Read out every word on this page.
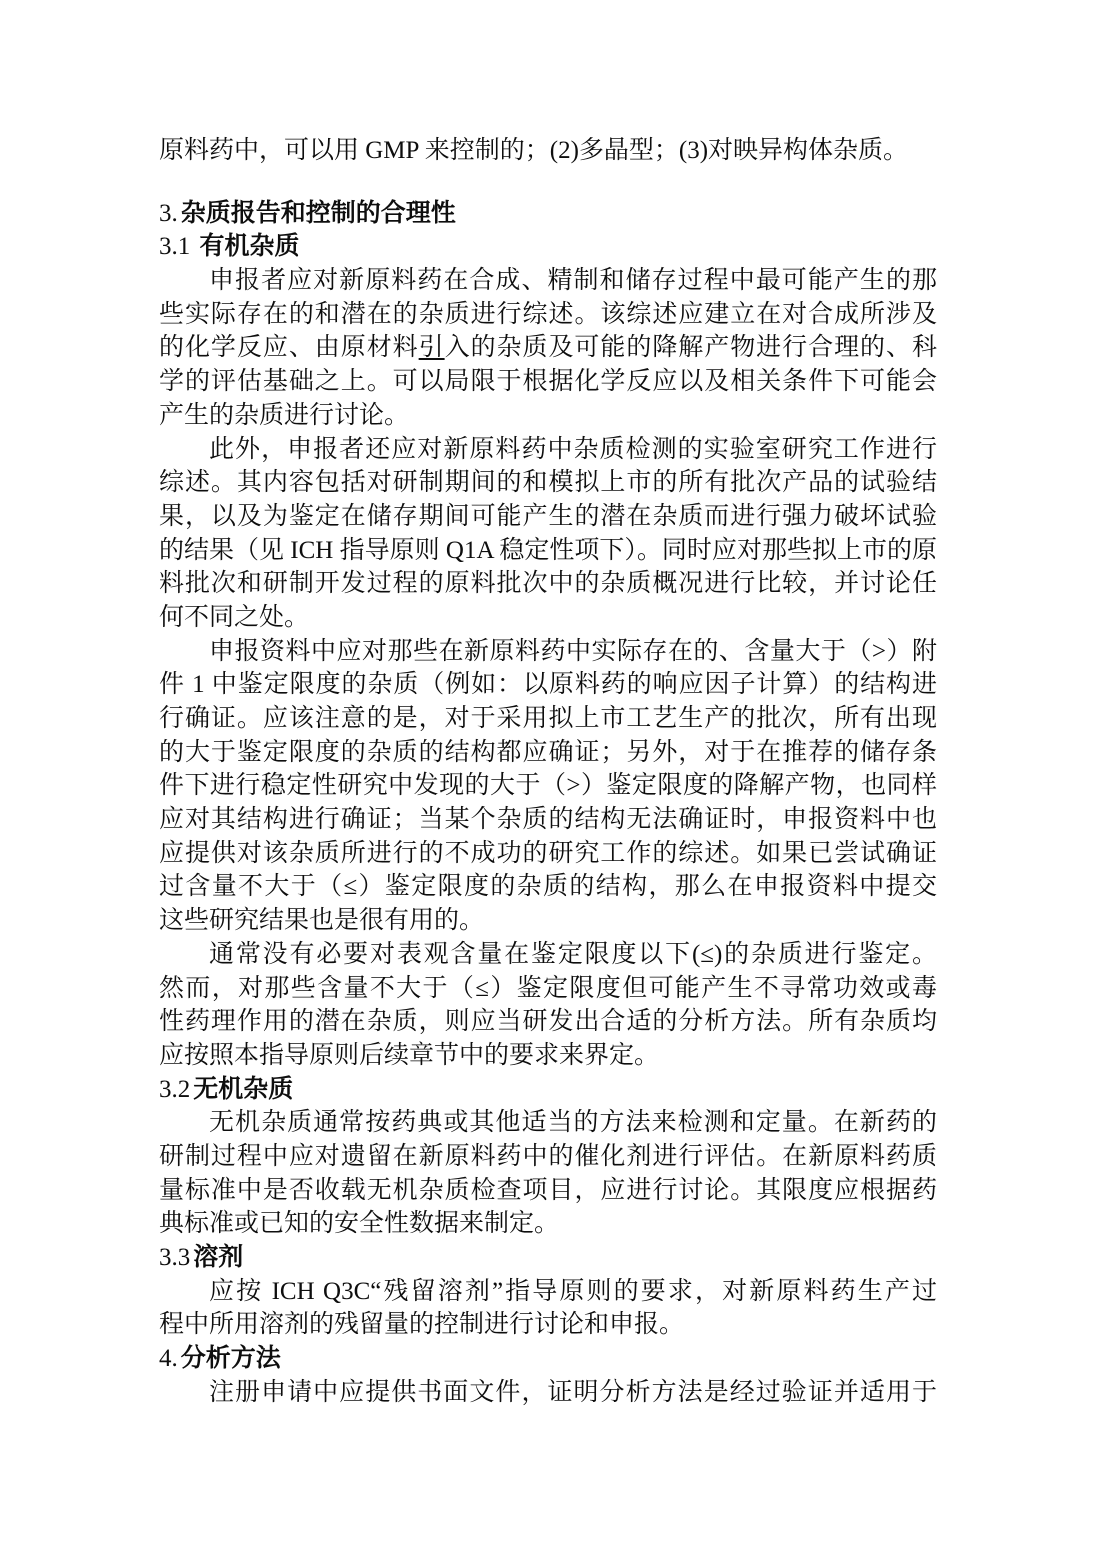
原料药中，可以用 GMP 来控制的；(2)多晶型；(3)对映异构体杂质。
3. 杂质报告和控制的合理性
3.1 有机杂质
申报者应对新原料药在合成、精制和储存过程中最可能产生的那
些实际存在的和潜在的杂质进行综述。该综述应建立在对合成所涉及
的化学反应、由原材料引入的杂质及可能的降解产物进行合理的、科
学的评估基础之上。可以局限于根据化学反应以及相关条件下可能会
产生的杂质进行讨论。
此外，申报者还应对新原料药中杂质检测的实验室研究工作进行
综述。其内容包括对研制期间的和模拟上市的所有批次产品的试验结
果，以及为鉴定在储存期间可能产生的潜在杂质而进行强力破坏试验
的结果（见 ICH 指导原则 Q1A 稳定性项下）。同时应对那些拟上市的原
料批次和研制开发过程的原料批次中的杂质概况进行比较，并讨论任
何不同之处。
申报资料中应对那些在新原料药中实际存在的、含量大于（>）附
件 1 中鉴定限度的杂质（例如：以原料药的响应因子计算）的结构进
行确证。应该注意的是，对于采用拟上市工艺生产的批次，所有出现
的大于鉴定限度的杂质的结构都应确证；另外，对于在推荐的储存条
件下进行稳定性研究中发现的大于（>）鉴定限度的降解产物，也同样
应对其结构进行确证；当某个杂质的结构无法确证时，申报资料中也
应提供对该杂质所进行的不成功的研究工作的综述。如果已尝试确证
过含量不大于（≤）鉴定限度的杂质的结构，那么在申报资料中提交
这些研究结果也是很有用的。
通常没有必要对表观含量在鉴定限度以下(≤)的杂质进行鉴定。
然而，对那些含量不大于（≤）鉴定限度但可能产生不寻常功效或毒
性药理作用的潜在杂质，则应当研发出合适的分析方法。所有杂质均
应按照本指导原则后续章节中的要求来界定。
3.2 无机杂质
无机杂质通常按药典或其他适当的方法来检测和定量。在新药的
研制过程中应对遗留在新原料药中的催化剂进行评估。在新原料药质
量标准中是否收载无机杂质检查项目，应进行讨论。其限度应根据药
典标准或已知的安全性数据来制定。
3.3 溶剂
应按 ICH Q3C“残留溶剂”指导原则的要求，对新原料药生产过
程中所用溶剂的残留量的控制进行讨论和申报。
4. 分析方法
注册申请中应提供书面文件，证明分析方法是经过验证并适用于
